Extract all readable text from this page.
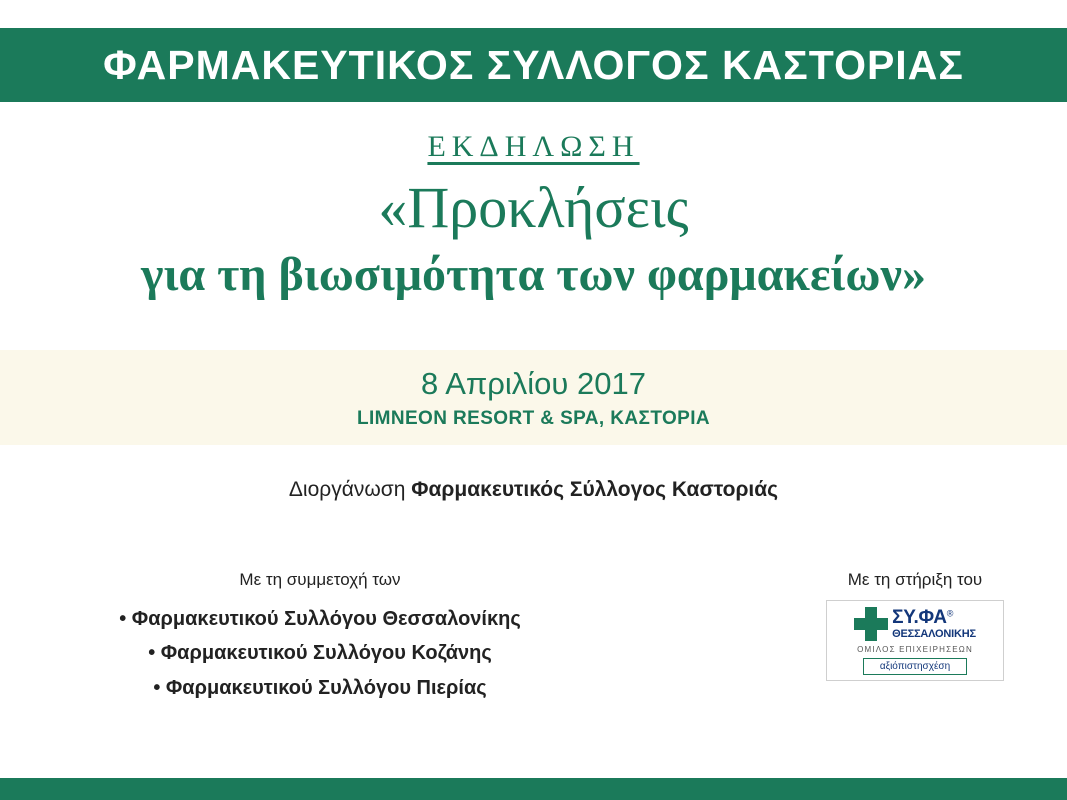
ΦΑΡΜΑΚΕΥΤΙΚΟΣ ΣΥΛΛΟΓΟΣ ΚΑΣΤΟΡΙΑΣ
ΕΚΔΗΛΩΣΗ
«Προκλήσεις
για τη βιωσιμότητα των φαρμακείων»
8 Απριλίου 2017
LIMNEON RESORT & SPA, ΚΑΣΤΟΡΙΑ
Διοργάνωση Φαρμακευτικός Σύλλογος Καστοριάς
Με τη συμμετοχή των
• Φαρμακευτικού Συλλόγου Θεσσαλονίκης
• Φαρμακευτικού Συλλόγου Κοζάνης
• Φαρμακευτικού Συλλόγου Πιερίας
Με τη στήριξη του
ΣΥ.ΦΑ®
ΘΕΣΣΑΛΟΝΙΚΗΣ
ΟΜΙΛΟΣ ΕΠΙΧΕΙΡΗΣΕΩΝ
αξιόπιστησχέση
